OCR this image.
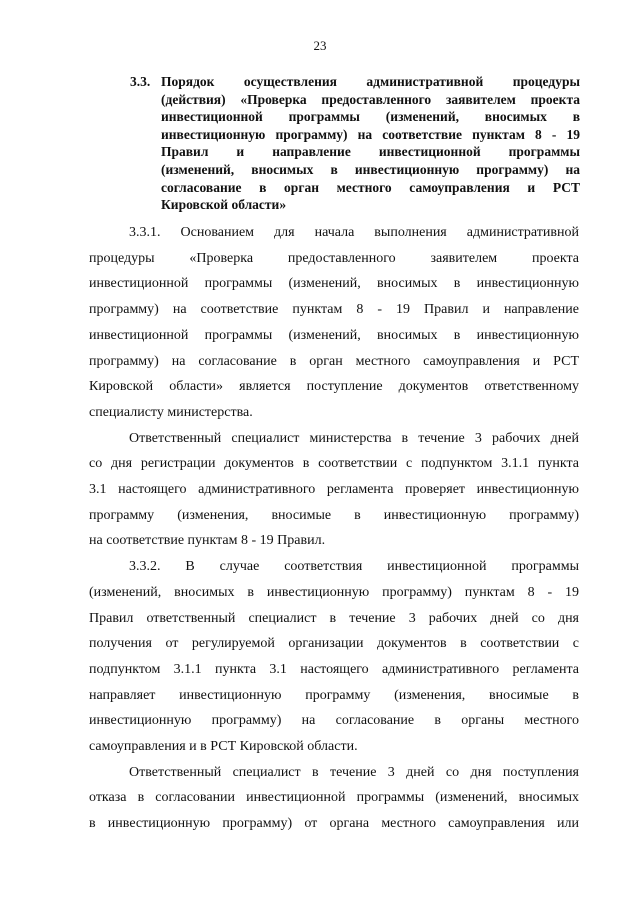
23
3.3. Порядок осуществления административной процедуры
(действия) «Проверка предоставленного заявителем проекта
инвестиционной программы (изменений, вносимых в
инвестиционную программу) на соответствие пунктам 8 - 19
Правил и направление инвестиционной программы
(изменений, вносимых в инвестиционную программу) на
согласование в орган местного самоуправления и РСТ
Кировской области»
3.3.1. Основанием для начала выполнения административной
процедуры «Проверка предоставленного заявителем проекта
инвестиционной программы (изменений, вносимых в инвестиционную
программу) на соответствие пунктам 8 - 19 Правил и направление
инвестиционной программы (изменений, вносимых в инвестиционную
программу) на согласование в орган местного самоуправления и РСТ
Кировской области» является поступление документов ответственному
специалисту министерства.
Ответственный специалист министерства в течение 3 рабочих дней
со дня регистрации документов в соответствии с подпунктом 3.1.1 пункта
3.1 настоящего административного регламента проверяет инвестиционную
программу (изменения, вносимые в инвестиционную программу)
на соответствие пунктам 8 - 19 Правил.
3.3.2. В случае соответствия инвестиционной программы
(изменений, вносимых в инвестиционную программу) пунктам 8 - 19
Правил ответственный специалист в течение 3 рабочих дней со дня
получения от регулируемой организации документов в соответствии с
подпунктом 3.1.1 пункта 3.1 настоящего административного регламента
направляет инвестиционную программу (изменения, вносимые в
инвестиционную программу) на согласование в органы местного
самоуправления и в РСТ Кировской области.
Ответственный специалист в течение 3 дней со дня поступления
отказа в согласовании инвестиционной программы (изменений, вносимых
в инвестиционную программу) от органа местного самоуправления или
